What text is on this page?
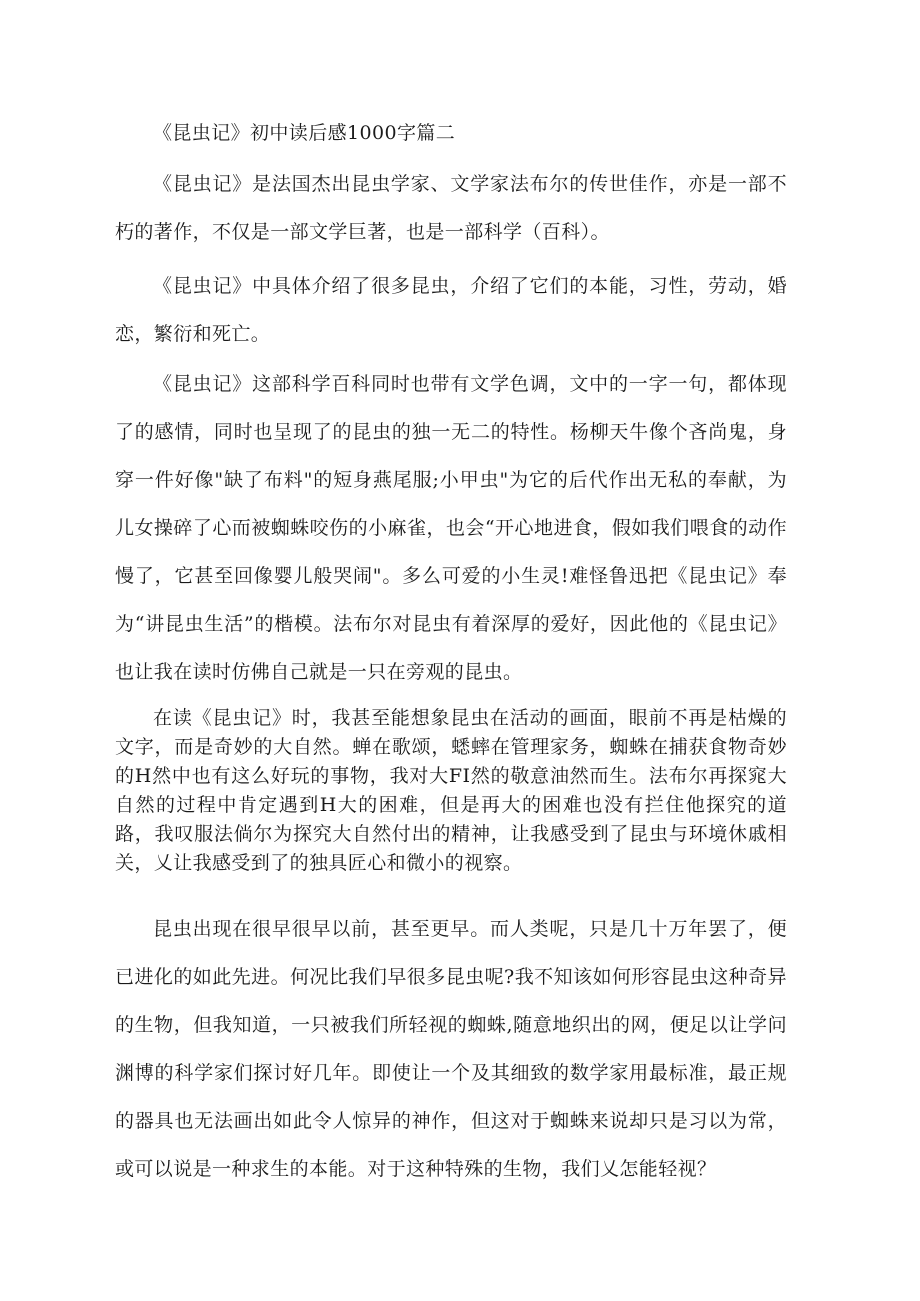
《昆虫记》初中读后感1000字篇二

《昆虫记》是法国杰出昆虫学家、文学家法布尔的传世佳作，亦是一部不朽的著作，不仅是一部文学巨著，也是一部科学（百科）。

《昆虫记》中具体介绍了很多昆虫，介绍了它们的本能，习性，劳动，婚恋，繁衍和死亡。

《昆虫记》这部科学百科同时也带有文学色调，文中的一字一句，都体现了的感情，同时也呈现了的昆虫的独一无二的特性。杨柳天牛像个吝尚鬼，身穿一件好像"缺了布料"的短身燕尾服;小甲虫"为它的后代作出无私的奉献，为儿女操碎了心而被蜘蛛咬伤的小麻雀，也会“开心地进食，假如我们喂食的动作慢了，它甚至回像婴儿般哭闹"。多么可爱的小生灵!难怪鲁迅把《昆虫记》奉为“讲昆虫生活”的楷模。法布尔对昆虫有着深厚的爱好，因此他的《昆虫记》也让我在读时仿佛自己就是一只在旁观的昆虫。

在读《昆虫记》时，我甚至能想象昆虫在活动的画面，眼前不再是枯燥的文字，而是奇妙的大自然。蝉在歌颂，蟋蟀在管理家务，蜘蛛在捕获食物奇妙的H然中也有这么好玩的事物，我对大FI然的敬意油然而生。法布尔再探窕大自然的过程中肯定遇到H大的困难，但是再大的困难也没有拦住他探究的道路，我叹服法倘尔为探究大自然付出的精神，让我感受到了昆虫与环境休戚相关，乂让我感受到了的独具匠心和微小的视察。

昆虫出现在很早很早以前，甚至更早。而人类呢，只是几十万年罢了，便已进化的如此先进。何况比我们早很多昆虫呢?我不知该如何形容昆虫这种奇异的生物，但我知道，一只被我们所轻视的蜘蛛,随意地织出的网，便足以让学问渊博的科学家们探讨好几年。即使让一个及其细致的数学家用最标准，最正规的器具也无法画出如此令人惊异的神作，但这对于蜘蛛来说却只是习以为常，或可以说是一种求生的本能。对于这种特殊的生物，我们乂怎能轻视？
